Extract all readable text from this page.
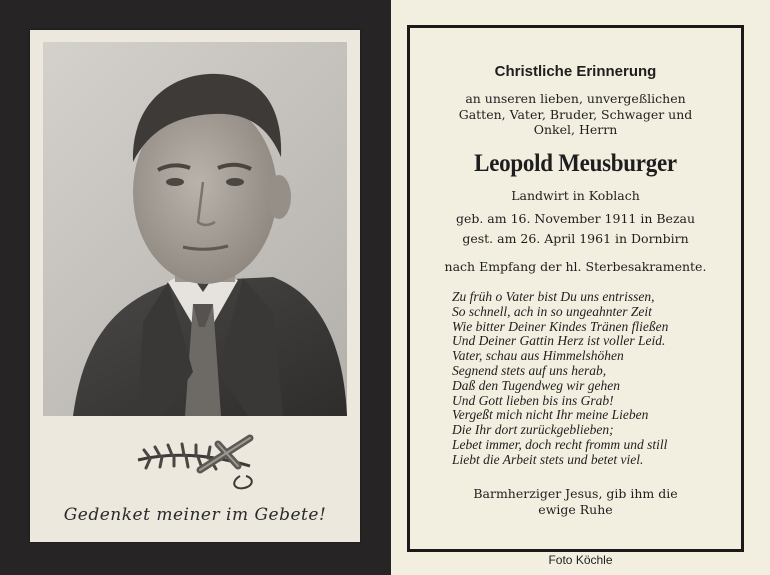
Gedenket meiner im Gebete!
Christliche Erinnerung
an unseren lieben, unvergeßlichen
Gatten, Vater, Bruder, Schwager und
Onkel, Herrn
Leopold Meusburger
Landwirt in Koblach
geb. am 16. November 1911 in Bezau
gest. am 26. April 1961 in Dornbirn
nach Empfang der hl. Sterbesakramente.
Zu früh o Vater bist Du uns entrissen,
So schnell, ach in so ungeahnter Zeit
Wie bitter Deiner Kindes Tränen fließen
Und Deiner Gattin Herz ist voller Leid.
Vater, schau aus Himmelshöhen
Segnend stets auf uns herab,
Daß den Tugendweg wir gehen
Und Gott lieben bis ins Grab!
Vergeßt mich nicht Ihr meine Lieben
Die Ihr dort zurückgeblieben;
Lebet immer, doch recht fromm und still
Liebt die Arbeit stets und betet viel.
Barmherziger Jesus, gib ihm die
ewige Ruhe
Foto Köchle
